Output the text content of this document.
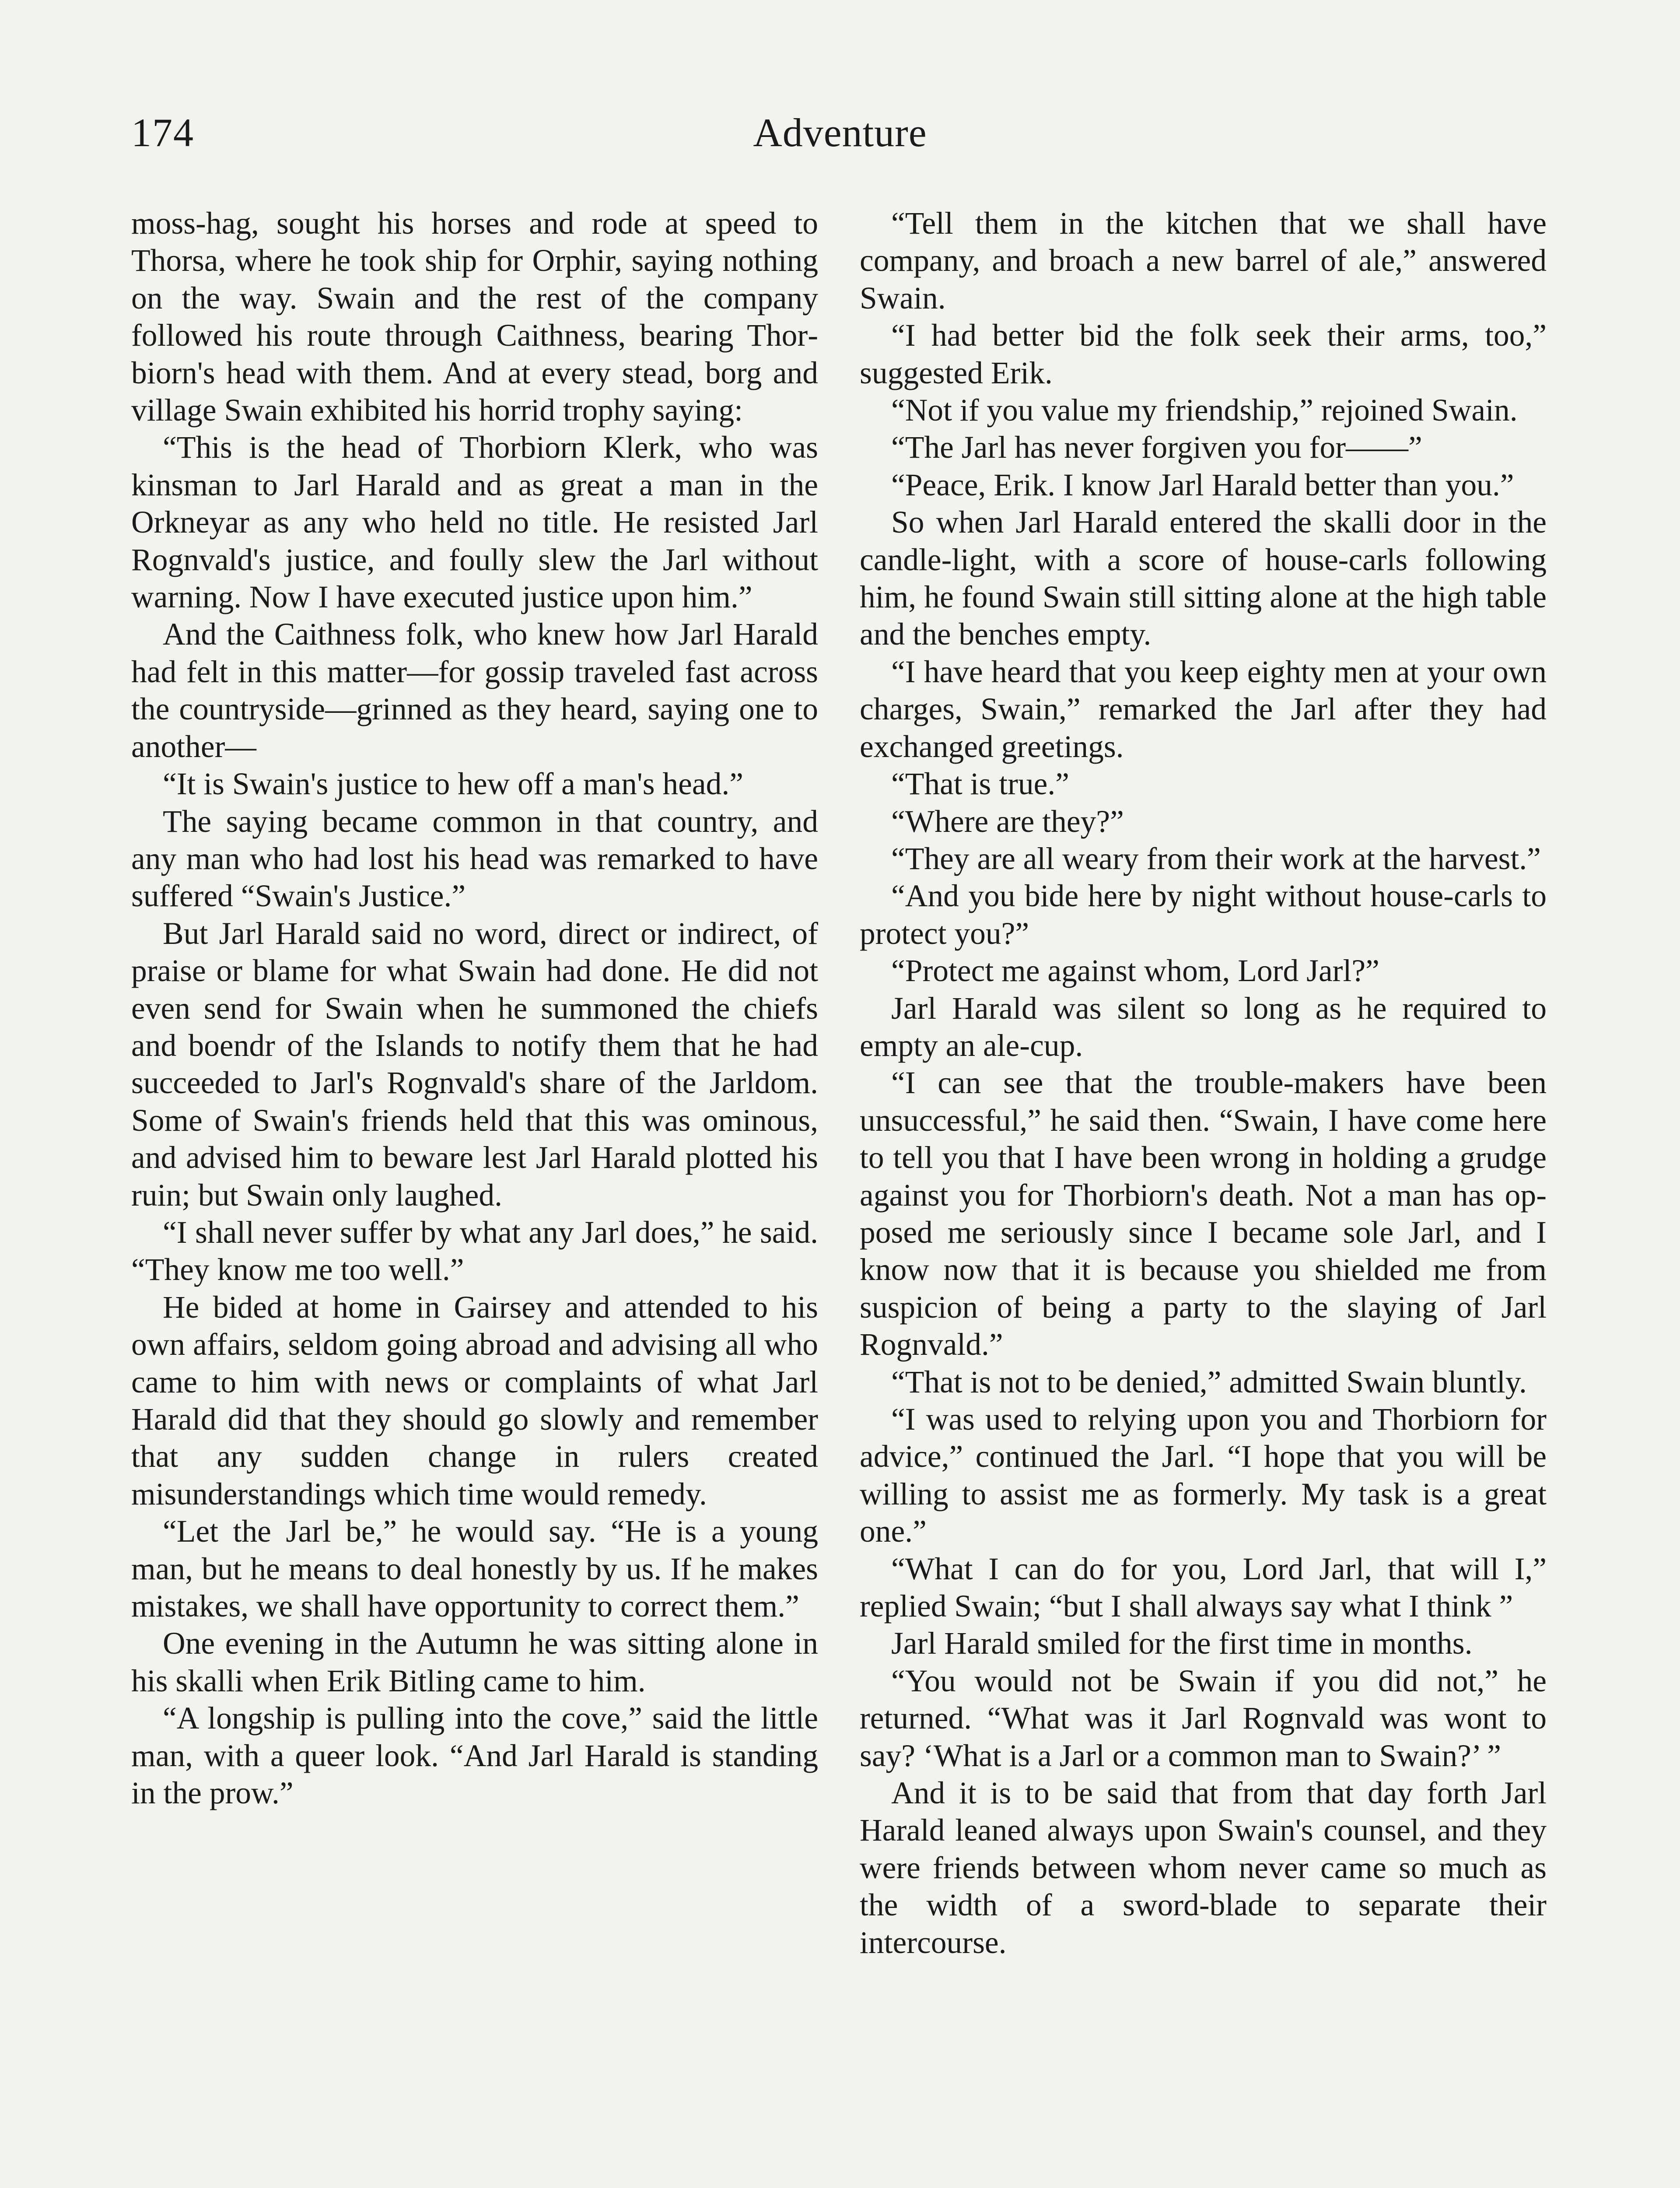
174	Adventure

moss-hag, sought his horses and rode at speed to Thorsa, where he took ship for Orphir, saying nothing on the way. Swain and the rest of the company followed his route through Caithness, bearing Thorbiorn's head with them. And at every stead, borg and village Swain exhibited his horrid trophy saying:

“This is the head of Thorbiorn Klerk, who was kinsman to Jarl Harald and as great a man in the Orkneyar as any who held no title. He resisted Jarl Rognvald's justice, and foully slew the Jarl without warning. Now I have executed justice upon him.”

And the Caithness folk, who knew how Jarl Harald had felt in this matter—for gossip traveled fast across the countryside—grinned as they heard, saying one to another—

“It is Swain's justice to hew off a man's head.”

The saying became common in that country, and any man who had lost his head was remarked to have suffered “Swain's Justice.”

But Jarl Harald said no word, direct or indirect, of praise or blame for what Swain had done. He did not even send for Swain when he summoned the chiefs and boendr of the Islands to notify them that he had succeeded to Jarl's Rognvald's share of the Jarldom. Some of Swain's friends held that this was ominous, and advised him to beware lest Jarl Harald plotted his ruin; but Swain only laughed.

“I shall never suffer by what any Jarl does,” he said. “They know me too well.”

He bided at home in Gairsey and attended to his own affairs, seldom going abroad and advising all who came to him with news or complaints of what Jarl Harald did that they should go slowly and remember that any sudden change in rulers created misunderstandings which time would remedy.

“Let the Jarl be,” he would say. “He is a young man, but he means to deal honestly by us. If he makes mistakes, we shall have opportunity to correct them.”

One evening in the Autumn he was sitting alone in his skalli when Erik Bitling came to him.

“A longship is pulling into the cove,” said the little man, with a queer look. “And Jarl Harald is standing in the prow.”

“Tell them in the kitchen that we shall have company, and broach a new barrel of ale,” answered Swain.

“I had better bid the folk seek their arms, too,” suggested Erik.

“Not if you value my friendship,” rejoined Swain.

“The Jarl has never forgiven you for——”

“Peace, Erik. I know Jarl Harald better than you.”

So when Jarl Harald entered the skalli door in the candle-light, with a score of house-carls following him, he found Swain still sitting alone at the high table and the benches empty.

“I have heard that you keep eighty men at your own charges, Swain,” remarked the Jarl after they had exchanged greetings.

“That is true.”

“Where are they?”

“They are all weary from their work at the harvest.”

“And you bide here by night without house-carls to protect you?”

“Protect me against whom, Lord Jarl?”

Jarl Harald was silent so long as he required to empty an ale-cup.

“I can see that the trouble-makers have been unsuccessful,” he said then. “Swain, I have come here to tell you that I have been wrong in holding a grudge against you for Thorbiorn's death. Not a man has opposed me seriously since I became sole Jarl, and I know now that it is because you shielded me from suspicion of being a party to the slaying of Jarl Rognvald.”

“That is not to be denied,” admitted Swain bluntly.

“I was used to relying upon you and Thorbiorn for advice,” continued the Jarl. “I hope that you will be willing to assist me as formerly. My task is a great one.”

“What I can do for you, Lord Jarl, that will I,” replied Swain; “but I shall always say what I think ”

Jarl Harald smiled for the first time in months.

“You would not be Swain if you did not,” he returned. “What was it Jarl Rognvald was wont to say? ‘What is a Jarl or a common man to Swain?’ ”

And it is to be said that from that day forth Jarl Harald leaned always upon Swain's counsel, and they were friends between whom never came so much as the width of a sword-blade to separate their intercourse.
